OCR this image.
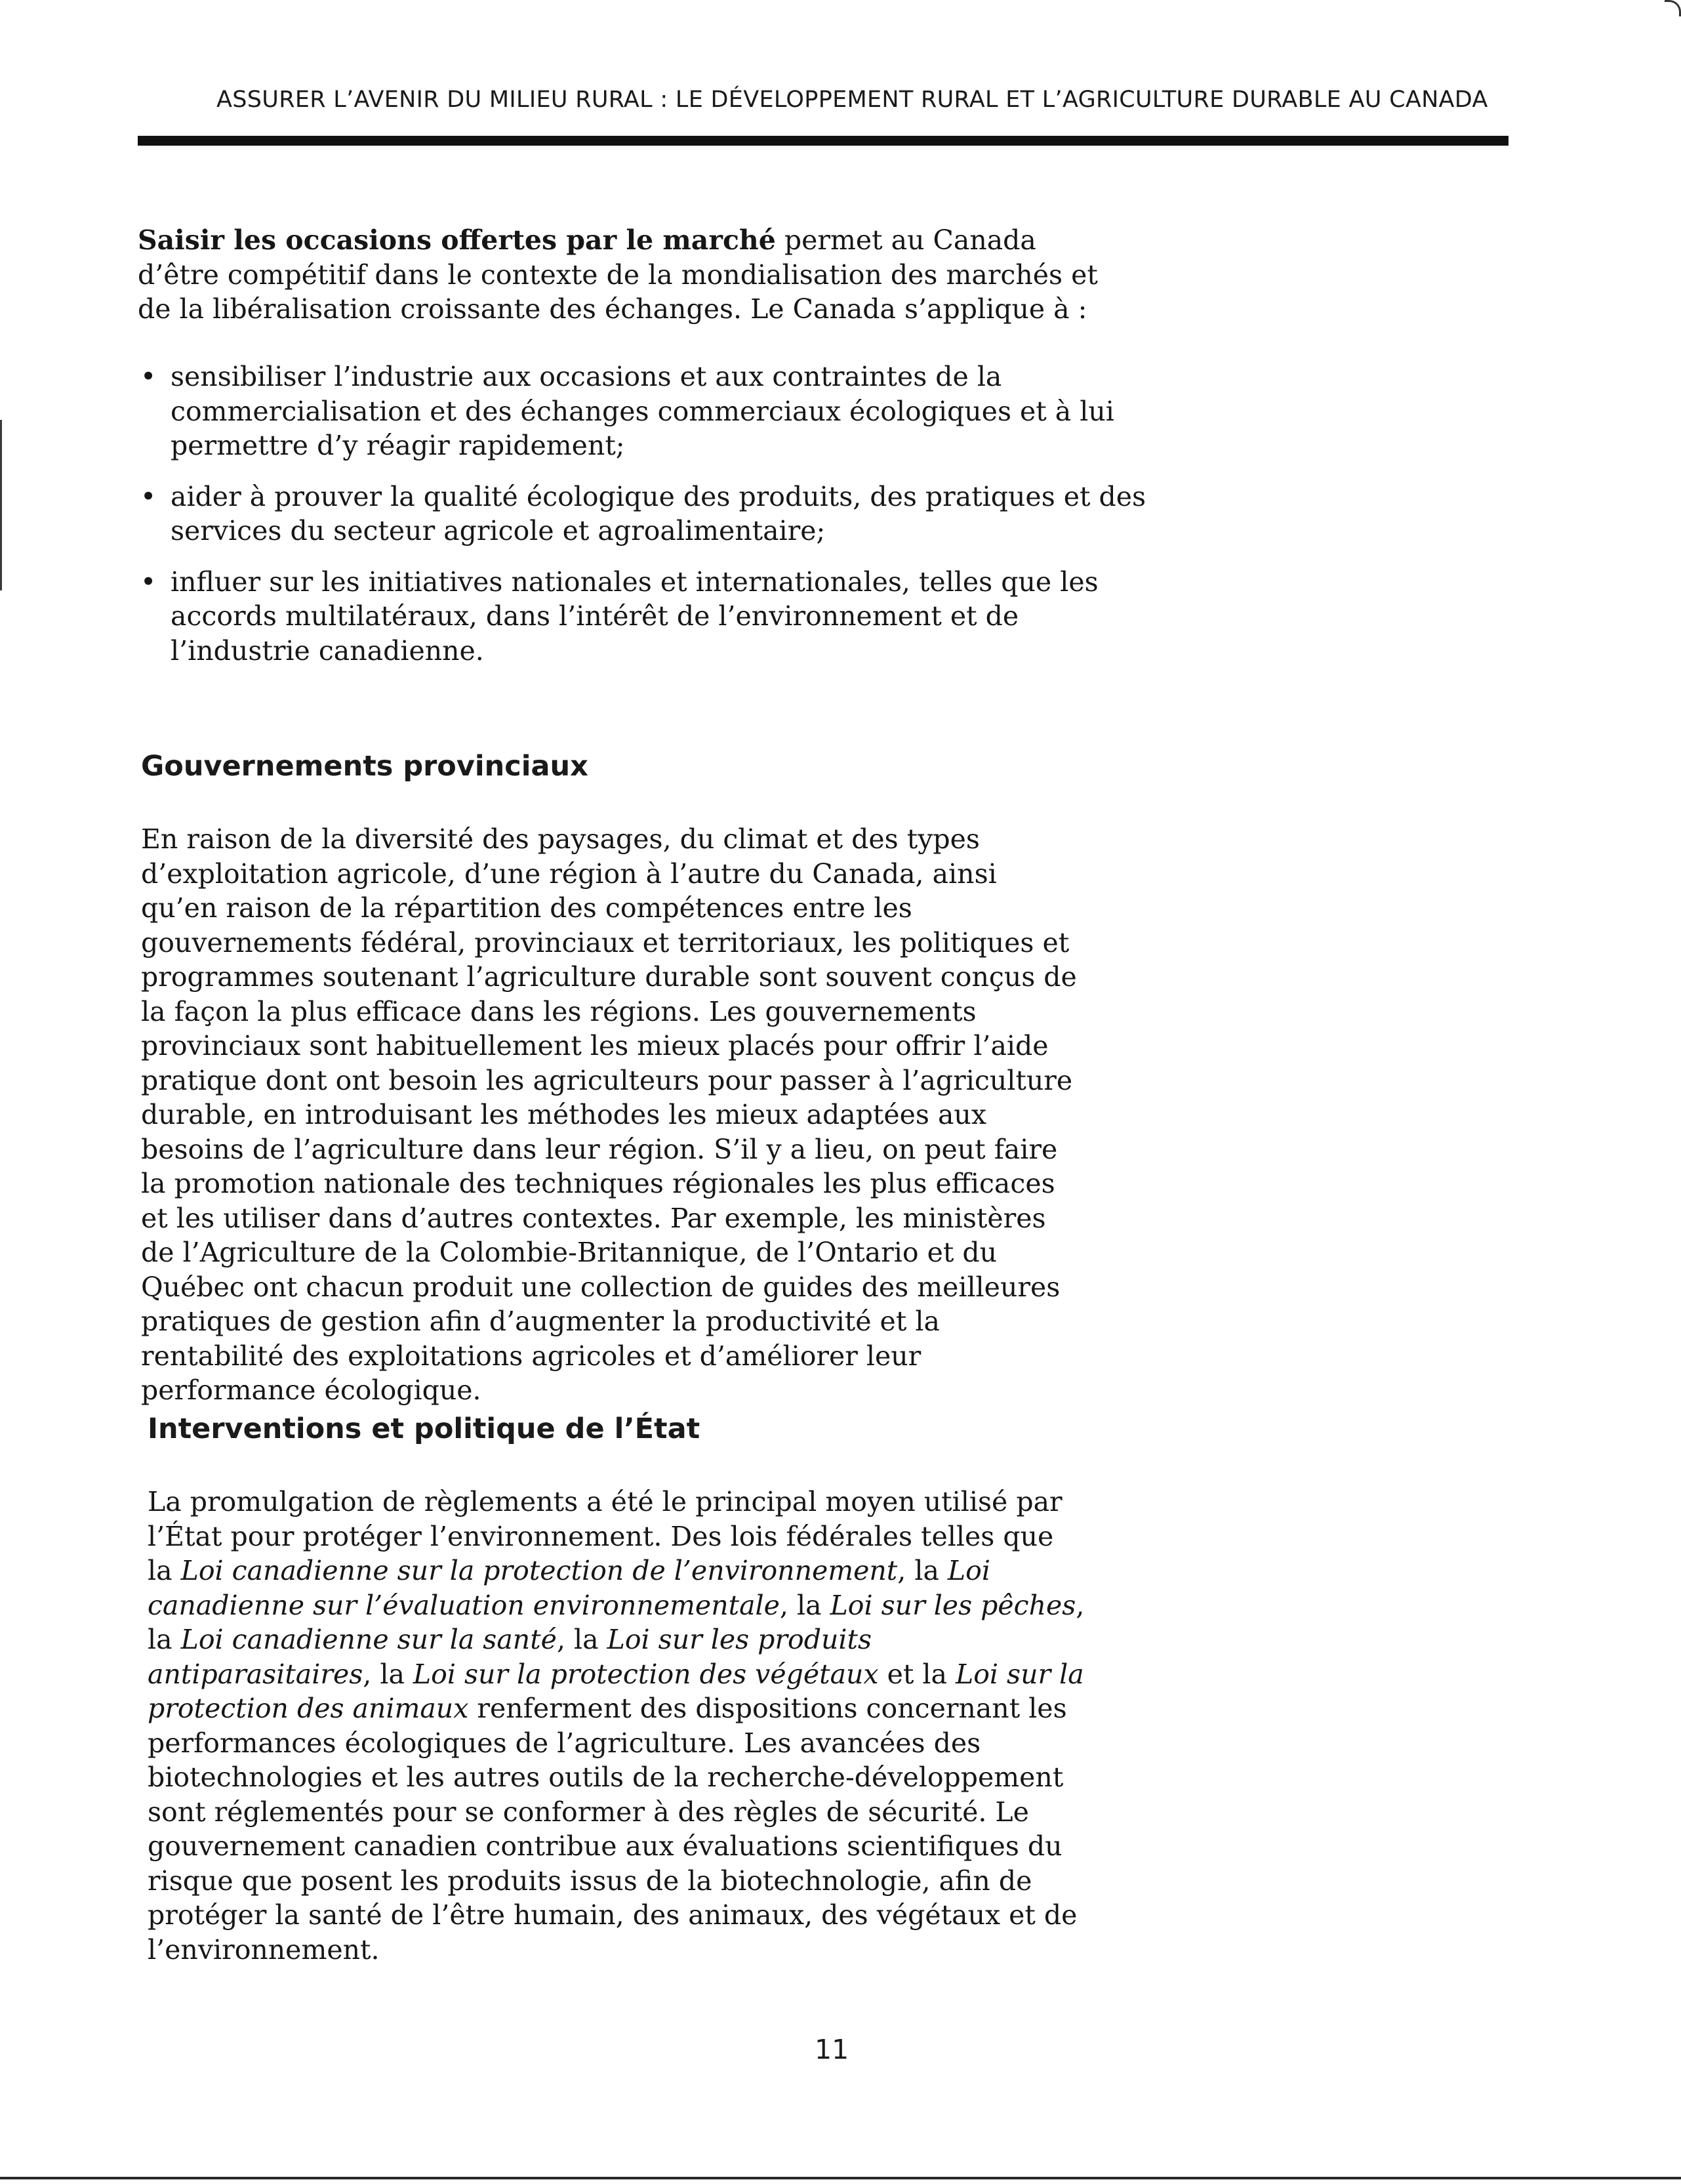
ASSURER L’AVENIR DU MILIEU RURAL : LE DÉVELOPPEMENT RURAL ET L’AGRICULTURE DURABLE AU CANADA

Saisir les occasions offertes par le marché permet au Canada d’être compétitif dans le contexte de la mondialisation des marchés et de la libéralisation croissante des échanges. Le Canada s’applique à :

• sensibiliser l’industrie aux occasions et aux contraintes de la commercialisation et des échanges commerciaux écologiques et à lui permettre d’y réagir rapidement;
• aider à prouver la qualité écologique des produits, des pratiques et des services du secteur agricole et agroalimentaire;
• influer sur les initiatives nationales et internationales, telles que les accords multilatéraux, dans l’intérêt de l’environnement et de l’industrie canadienne.
Gouvernements provinciaux

En raison de la diversité des paysages, du climat et des types d’exploitation agricole, d’une région à l’autre du Canada, ainsi qu’en raison de la répartition des compétences entre les gouvernements fédéral, provinciaux et territoriaux, les politiques et programmes soutenant l’agriculture durable sont souvent conçus de la façon la plus efficace dans les régions. Les gouvernements provinciaux sont habituellement les mieux placés pour offrir l’aide pratique dont ont besoin les agriculteurs pour passer à l’agriculture durable, en introduisant les méthodes les mieux adaptées aux besoins de l’agriculture dans leur région. S’il y a lieu, on peut faire la promotion nationale des techniques régionales les plus efficaces et les utiliser dans d’autres contextes. Par exemple, les ministères de l’Agriculture de la Colombie-Britannique, de l’Ontario et du Québec ont chacun produit une collection de guides des meilleures pratiques de gestion afin d’augmenter la productivité et la rentabilité des exploitations agricoles et d’améliorer leur performance écologique.

Interventions et politique de l’État

La promulgation de règlements a été le principal moyen utilisé par l’État pour protéger l’environnement. Des lois fédérales telles que la Loi canadienne sur la protection de l’environnement, la Loi canadienne sur l’évaluation environnementale, la Loi sur les pêches, la Loi canadienne sur la santé, la Loi sur les produits antiparasitaires, la Loi sur la protection des végétaux et la Loi sur la protection des animaux renferment des dispositions concernant les performances écologiques de l’agriculture. Les avancées des biotechnologies et les autres outils de la recherche-développement sont réglementés pour se conformer à des règles de sécurité. Le gouvernement canadien contribue aux évaluations scientifiques du risque que posent les produits issus de la biotechnologie, afin de protéger la santé de l’être humain, des animaux, des végétaux et de l’environnement.

11
